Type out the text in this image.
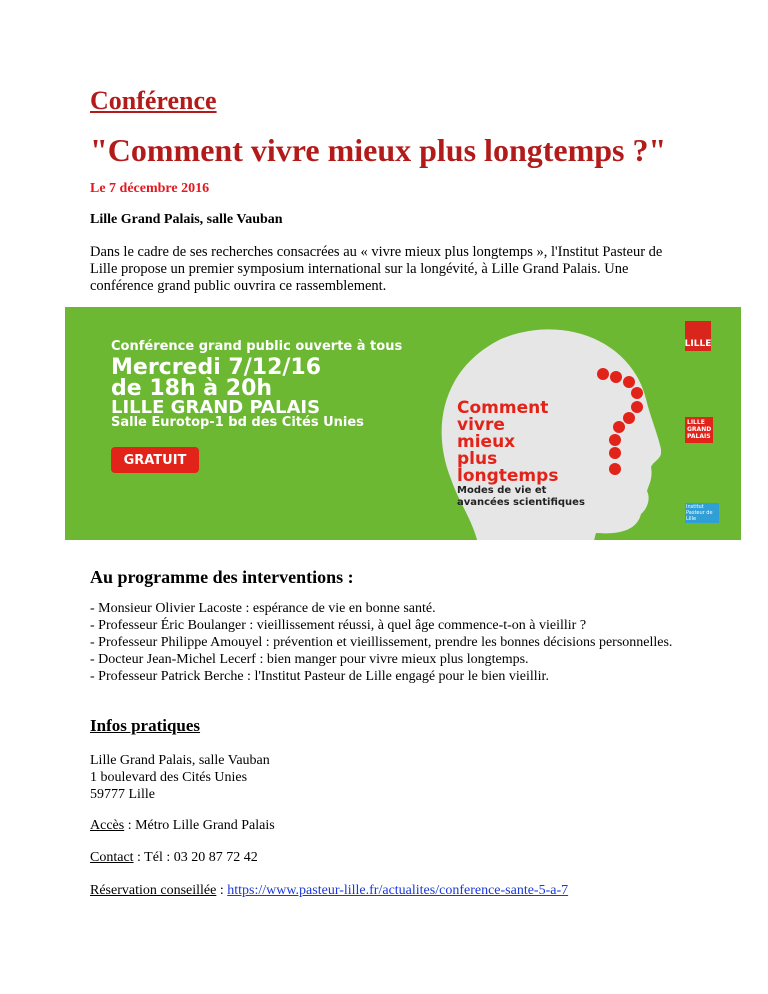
Conférence
"Comment vivre mieux plus longtemps ?"
Le 7 décembre 2016
Lille Grand Palais, salle Vauban
Dans le cadre de ses recherches consacrées au « vivre mieux plus longtemps », l'Institut Pasteur de Lille propose un premier symposium international sur la longévité, à Lille Grand Palais. Une conférence grand public ouvrira ce rassemblement.
Au programme des interventions :
- Monsieur Olivier Lacoste : espérance de vie en bonne santé.
- Professeur Éric Boulanger : vieillissement réussi, à quel âge commence-t-on à vieillir ?
- Professeur Philippe Amouyel : prévention et vieillissement, prendre les bonnes décisions personnelles.
- Docteur Jean-Michel Lecerf : bien manger pour vivre mieux plus longtemps.
- Professeur Patrick Berche : l'Institut Pasteur de Lille engagé pour le bien vieillir.
Infos pratiques
Lille Grand Palais, salle Vauban
1 boulevard des Cités Unies
59777 Lille
Accès : Métro Lille Grand Palais
Contact : Tél : 03 20 87 72 42
Réservation conseillée : https://www.pasteur-lille.fr/actualites/conference-sante-5-a-7
Conférence grand public ouverte à tous
Mercredi 7/12/16
de 18h à 20h
LILLE GRAND PALAIS
Salle Eurotop-1 bd des Cités Unies
GRATUIT
Comment
vivre
mieux
plus
longtemps
Modes de vie et
avancées scientifiques
LILLE
LILLE GRAND PALAIS
Institut Pasteur de Lille
